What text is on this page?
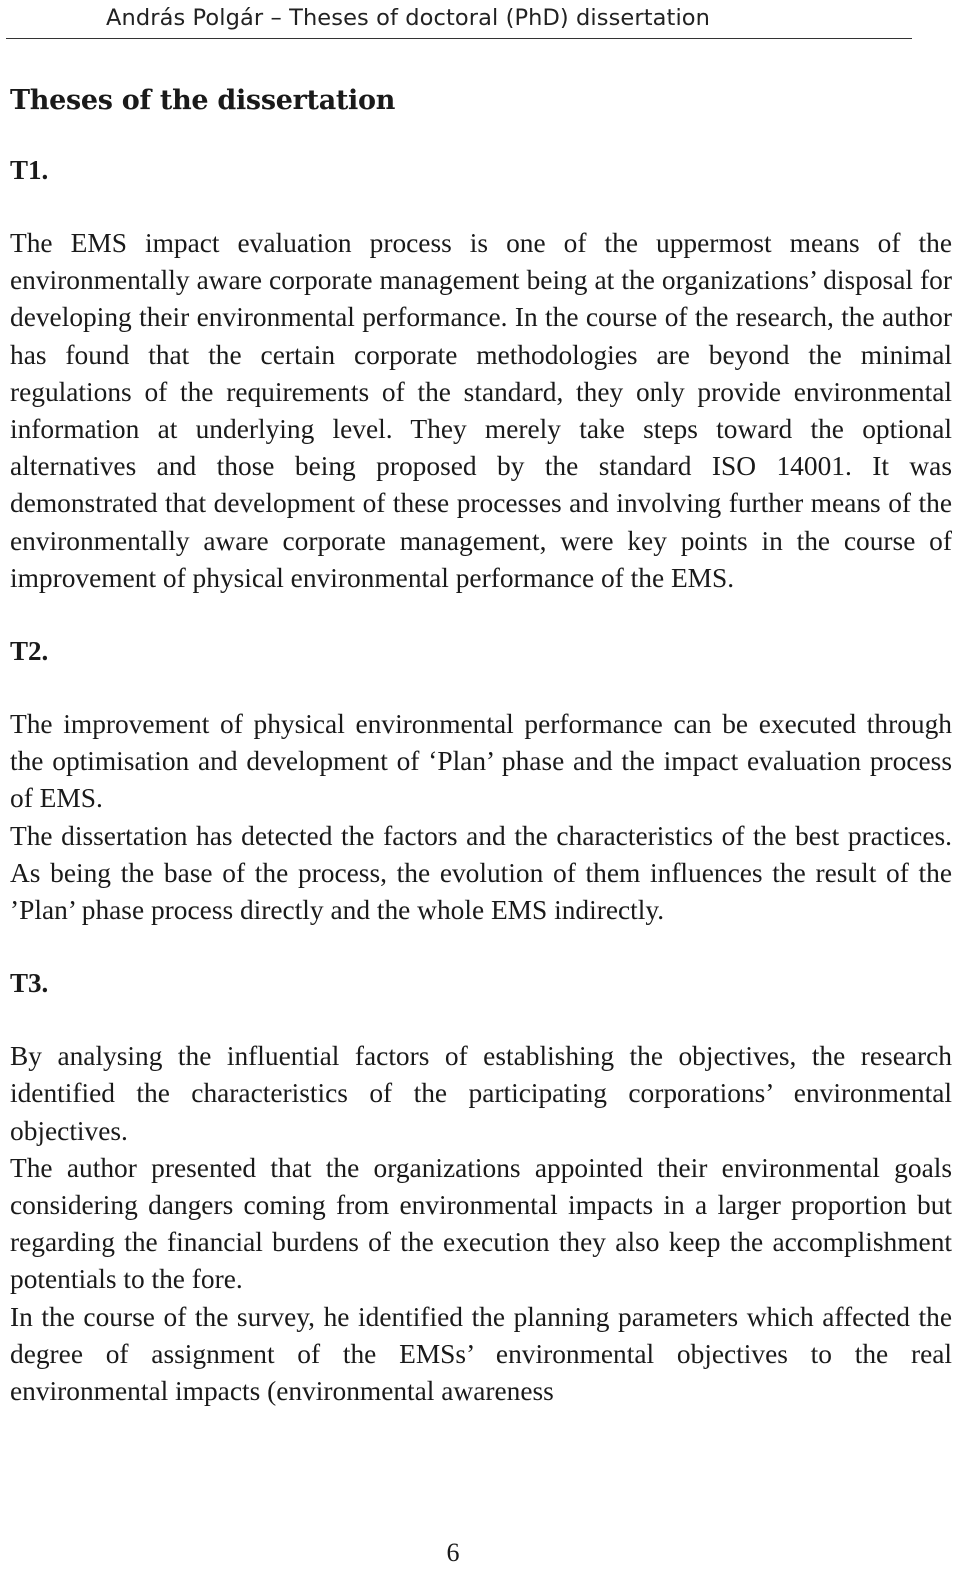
András Polgár – Theses of doctoral (PhD) dissertation
Theses of the dissertation
T1.

The EMS impact evaluation process is one of the uppermost means of the environmentally aware corporate management being at the organizations’ disposal for developing their environmental performance. In the course of the research, the author has found that the certain corporate methodologies are beyond the minimal regulations of the requirements of the standard, they only provide environmental information at underlying level. They merely take steps toward the optional alternatives and those being proposed by the standard ISO 14001. It was demonstrated that development of these processes and involving further means of the environmentally aware corporate management, were key points in the course of improvement of physical environmental performance of the EMS.

T2.

The improvement of physical environmental performance can be executed through the optimisation and development of ‘Plan’ phase and the impact evaluation process of EMS.

The dissertation has detected the factors and the characteristics of the best practices. As being the base of the process, the evolution of them influences the result of the ’Plan’ phase process directly and the whole EMS indirectly.

T3.

By analysing the influential factors of establishing the objectives, the research identified the characteristics of the participating corporations’ environmental objectives.

The author presented that the organizations appointed their environmental goals considering dangers coming from environmental impacts in a larger proportion but regarding the financial burdens of the execution they also keep the accomplishment potentials to the fore.

In the course of the survey, he identified the planning parameters which affected the degree of assignment of the EMSs’ environmental objectives to the real environmental impacts (environmental awareness

6
